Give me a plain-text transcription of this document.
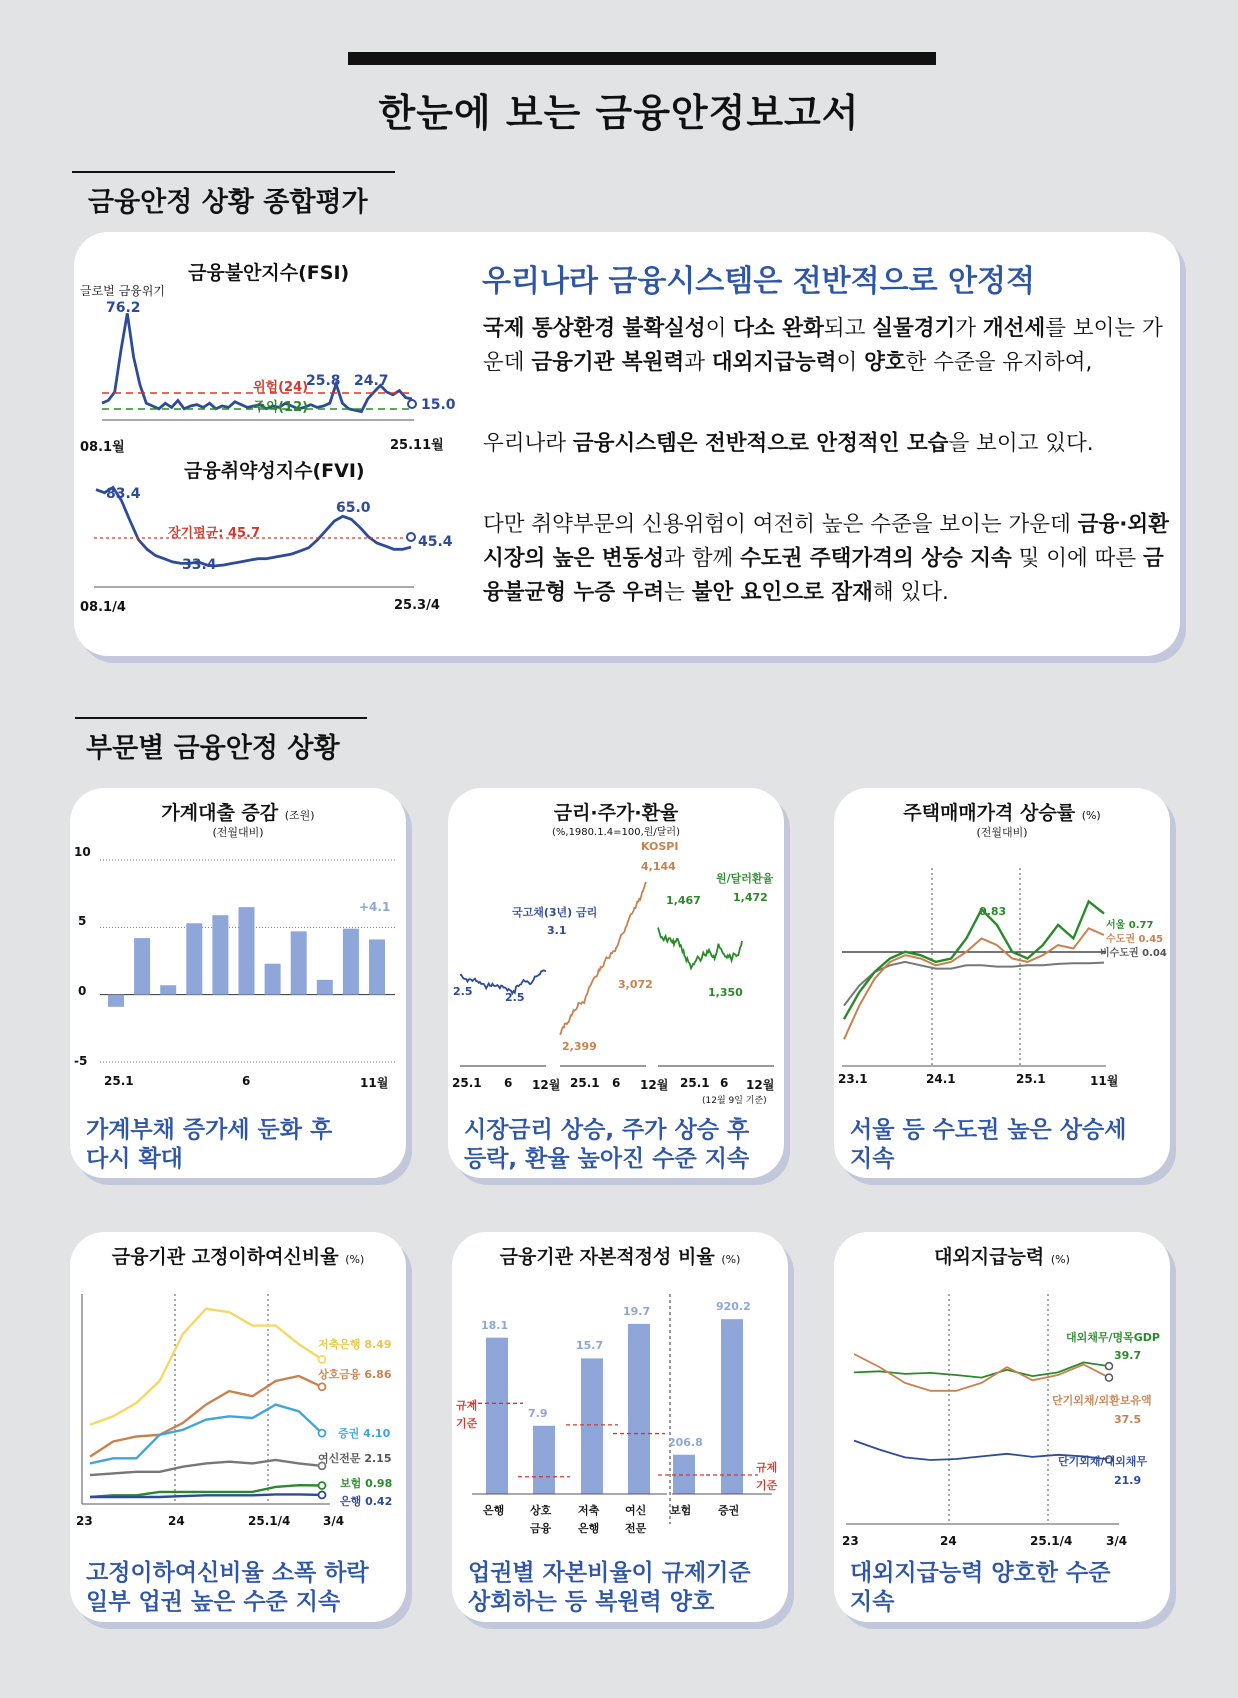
한눈에 보는 금융안정보고서
금융안정 상황 종합평가
금융불안지수(FSI)
글로벌 금융위기
76.2
위험(24)
주의(12)
25.8 24.7
15.0
08.1월	25.11월
금융취약성지수(FVI)
83.4
장기평균: 45.7
33.4
65.0
45.4
08.1/4	25.3/4
우리나라 금융시스템은 전반적으로 안정적
국제 통상환경 불확실성이 다소 완화되고 실물경기가 개선세를 보이는 가운데 금융기관 복원력과 대외지급능력이 양호한 수준을 유지하여,
우리나라 금융시스템은 전반적으로 안정적인 모습을 보이고 있다.
다만 취약부문의 신용위험이 여전히 높은 수준을 보이는 가운데 금융·외환시장의 높은 변동성과 함께 수도권 주택가격의 상승 지속 및 이에 따른 금융불균형 누증 우려는 불안 요인으로 잠재해 있다.
부문별 금융안정 상황
가계대출 증감 (조원)
(전월대비)
10
5
0
-5
+4.1
25.1	6	11월
가계부채 증가세 둔화 후
다시 확대
금리·주가·환율
(%,1980.1.4=100,원/달러)
국고채(3년) 금리
3.1
2.5	2.5
KOSPI
4,144
3,072
2,399
원/달러환율
1,467	1,472
1,350
25.1 6 12월 25.1 6 12월 25.1 6 12월
(12월 9일 기준)
시장금리 상승, 주가 상승 후
등락, 환율 높아진 수준 지속
주택매매가격 상승률 (%)
(전월대비)
0.83
서울 0.77
수도권 0.45
비수도권 0.04
23.1	24.1	25.1	11월
서울 등 수도권 높은 상승세
지속
금융기관 고정이하여신비율 (%)
저축은행 8.49
상호금융 6.86
증권 4.10
여신전문 2.15
보험 0.98
은행 0.42
23	24	25.1/4	3/4
고정이하여신비율 소폭 하락
일부 업권 높은 수준 지속
금융기관 자본적정성 비율 (%)
규제
기준
규제
기준
18.1
은행
7.9
상호
금융
15.7
저축
은행
19.7
여신
전문
206.8
보험
920.2
증권
업권별 자본비율이 규제기준
상회하는 등 복원력 양호
대외지급능력 (%)
대외채무/명목GDP
39.7
단기외채/외환보유액
37.5
단기외채/대외채무
21.9
23	24	25.1/4	3/4
대외지급능력 양호한 수준
지속
